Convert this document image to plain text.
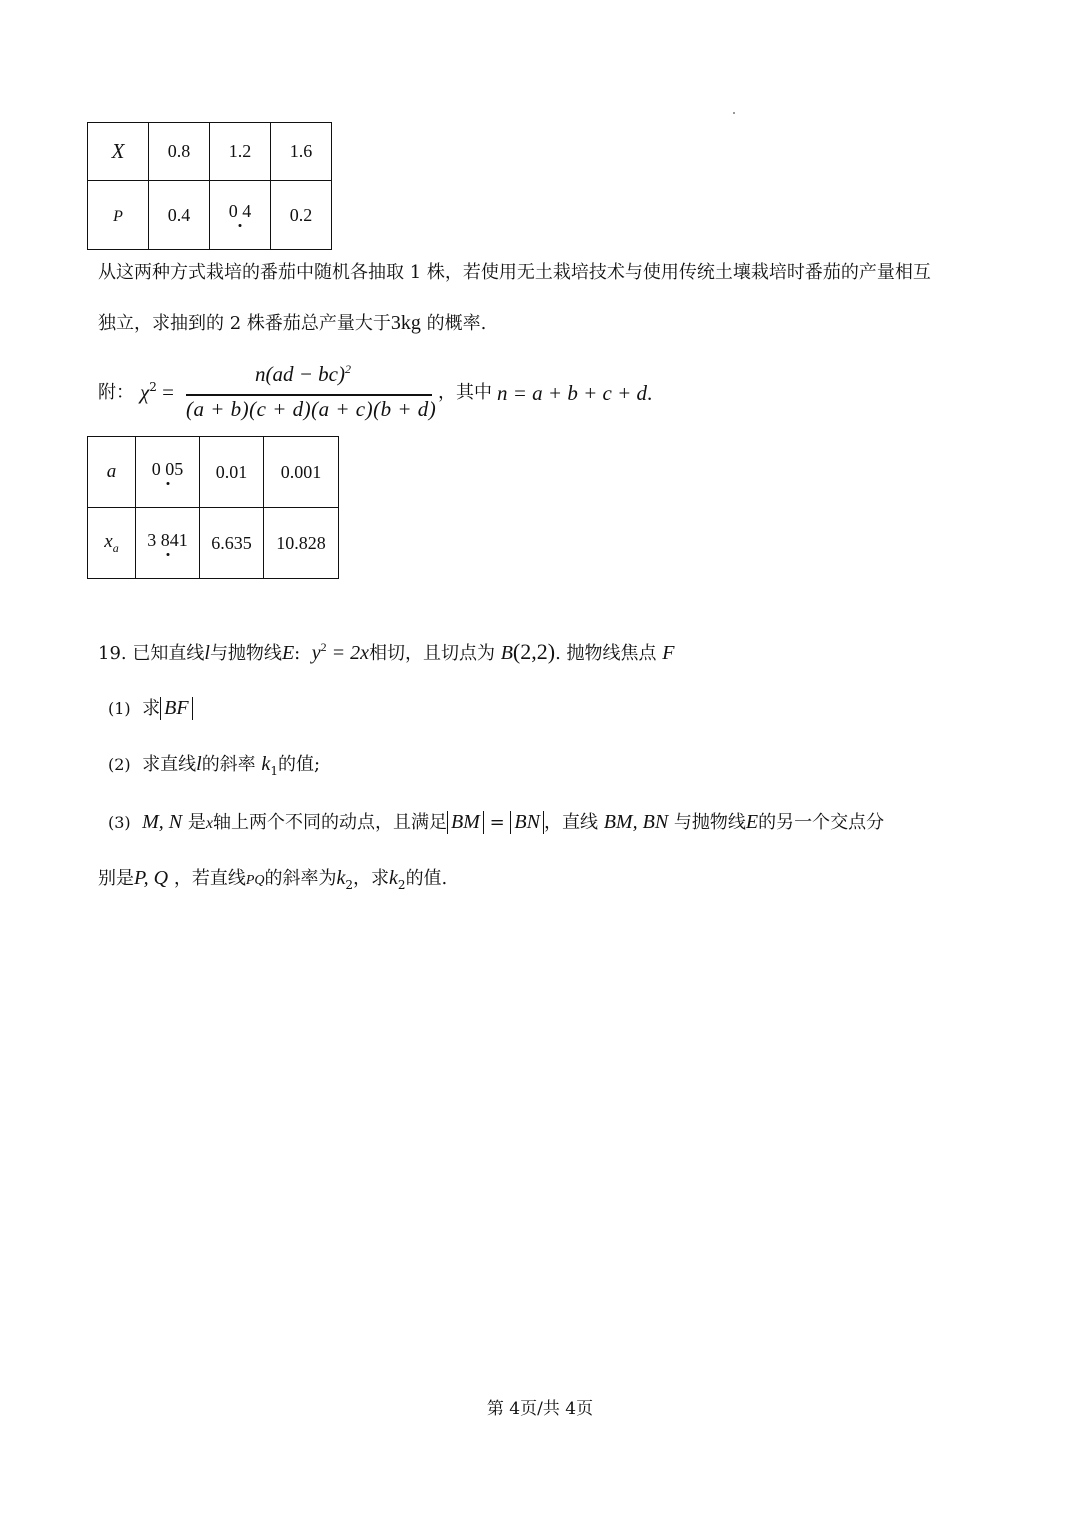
X	0.8	1.2	1.6
P	0.4	0 4	0.2
从这两种方式栽培的番茄中随机各抽取 1 株，若使用无土栽培技术与使用传统土壤栽培时番茄的产量相互
独立，求抽到的 2 株番茄总产量大于3kg 的概率.
附： $\chi^2$ =
n(ad − bc)$^2$
(a + b)(c + d)(a + c)(b + d)
，其中 n = a + b + c + d.
a	0 05	0.01	0.001
$x_a$	3 841	6.635	10.828
19. 已知直线l与抛物线E: $y^2 = 2x$相切，且切点为 B(2,2). 抛物线焦点 F
(1) 求 BF
(2) 求直线l的斜率 $k_1$的值;
(3) M, N 是x轴上两个不同的动点，且满足 BM = BN ，直线 BM, BN 与抛物线E的另一个交点分
别是P, Q ，若直线PQ的斜率为$k_2$，求$k_2$的值.
第 4页/共 4页
